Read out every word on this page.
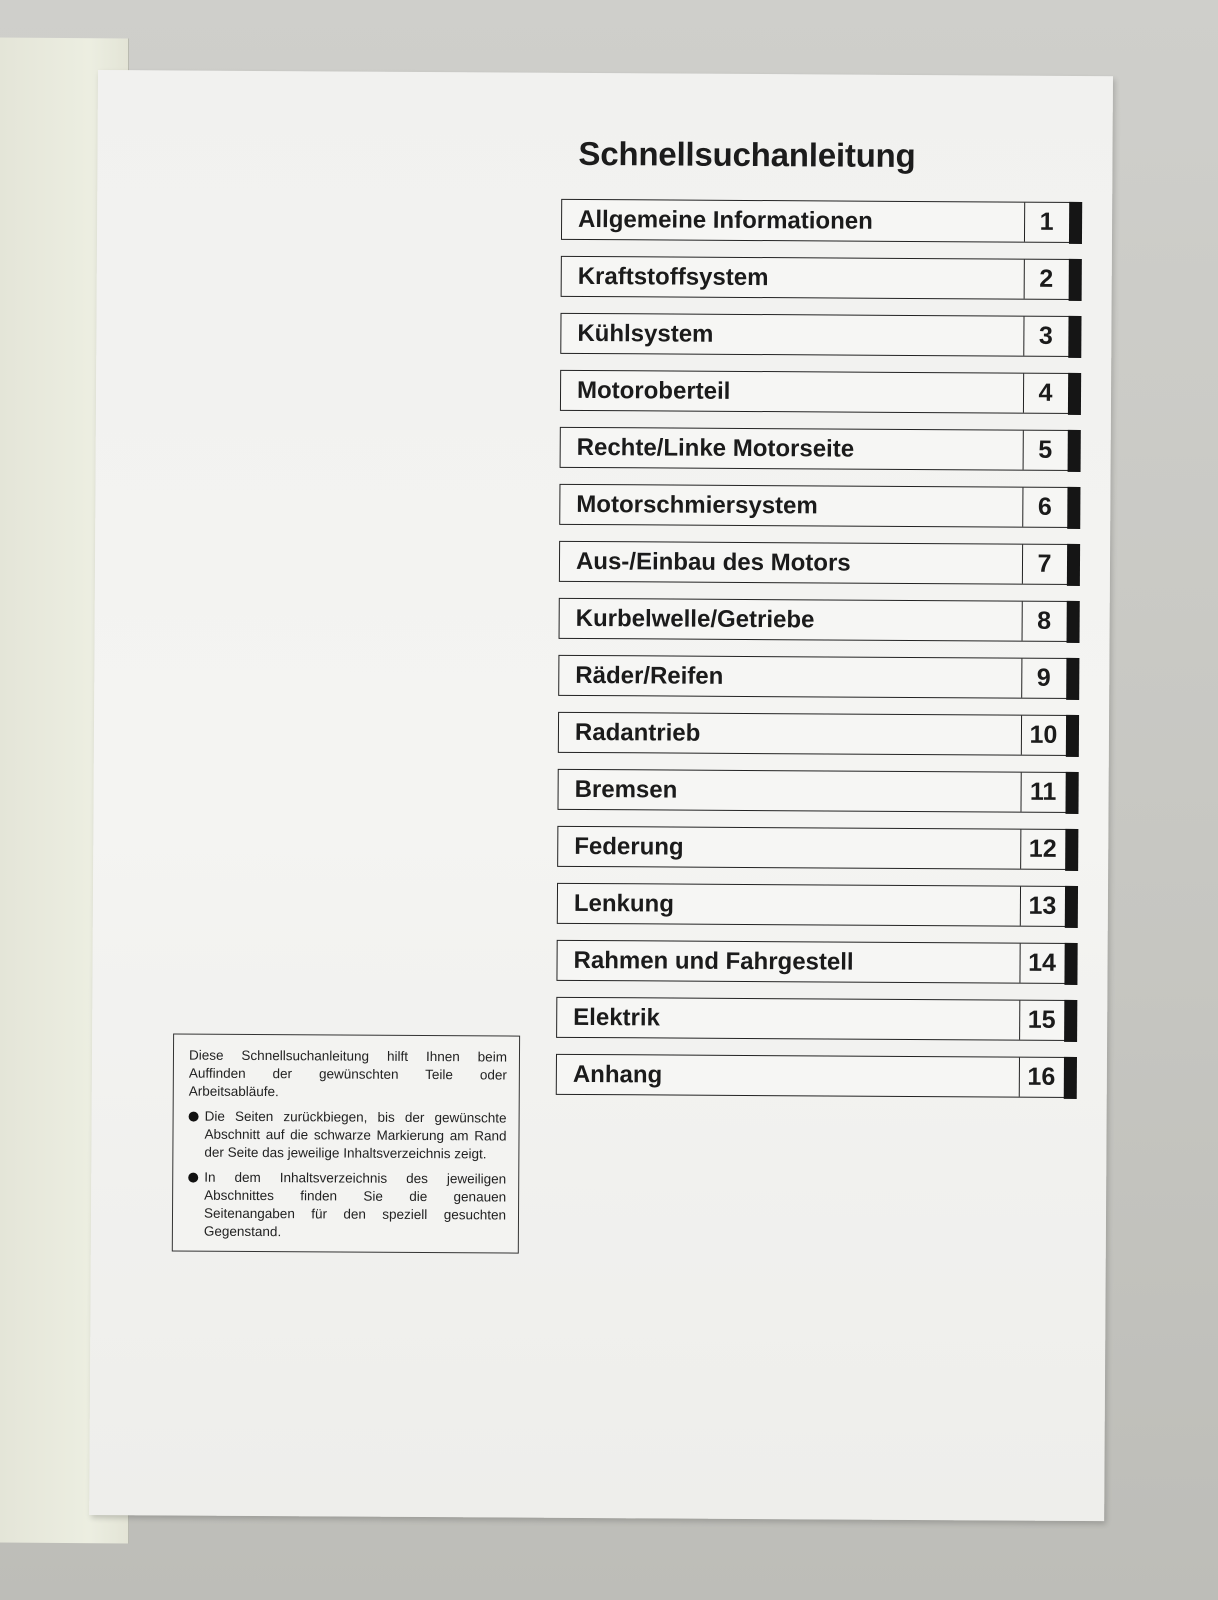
Schnellsuchanleitung
Allgemeine Informationen	1
Kraftstoffsystem	2
Kühlsystem	3
Motoroberteil	4
Rechte/Linke Motorseite	5
Motorschmiersystem	6
Aus-/Einbau des Motors	7
Kurbelwelle/Getriebe	8
Räder/Reifen	9
Radantrieb	10
Bremsen	11
Federung	12
Lenkung	13
Rahmen und Fahrgestell	14
Elektrik	15
Anhang	16

Diese Schnellsuchanleitung hilft Ihnen beim Auffinden der gewünschten Teile oder Arbeitsabläufe.

Die Seiten zurückbiegen, bis der gewünschte Abschnitt auf die schwarze Markierung am Rand der Seite das jeweilige Inhaltsverzeichnis zeigt.
In dem Inhaltsverzeichnis des jeweiligen Abschnittes finden Sie die genauen Seitenangaben für den speziell gesuchten Gegenstand.
